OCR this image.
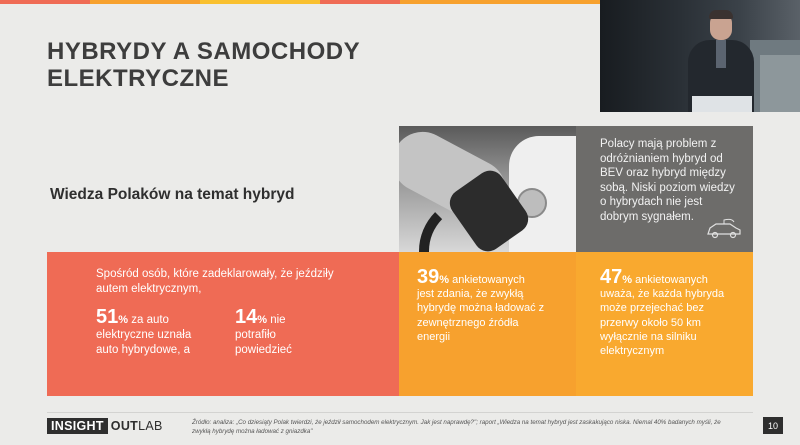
HYBRYDY A SAMOCHODY
ELEKTRYCZNE
Wiedza Polaków na temat hybryd
Polacy mają problem z odróżnianiem hybryd od BEV oraz hybryd między sobą. Niski poziom wiedzy o hybrydach nie jest dobrym sygnałem.
Spośród osób, które zadeklarowały, że jeździły autem elektrycznym,
51% za auto
elektryczne uznała auto hybrydowe, a
14% nie
potrafiło powiedzieć
39% ankietowanych
jest zdania, że zwykłą hybrydę można ładować z zewnętrznego źródła energii
47% ankietowanych
uważa, że każda hybryda może przejechać bez przerwy około 50 km wyłącznie na silniku elektrycznym
INSIGHT OUT LAB	Źródło: analiza: „Co dziesiąty Polak twierdzi, że jeździł samochodem elektrycznym. Jak jest naprawdę?"; raport „Wiedza na temat hybryd jest zaskakująco niska. Niemal 40% badanych myśli, że zwykłą hybrydę można ładować z gniazdka"
10
